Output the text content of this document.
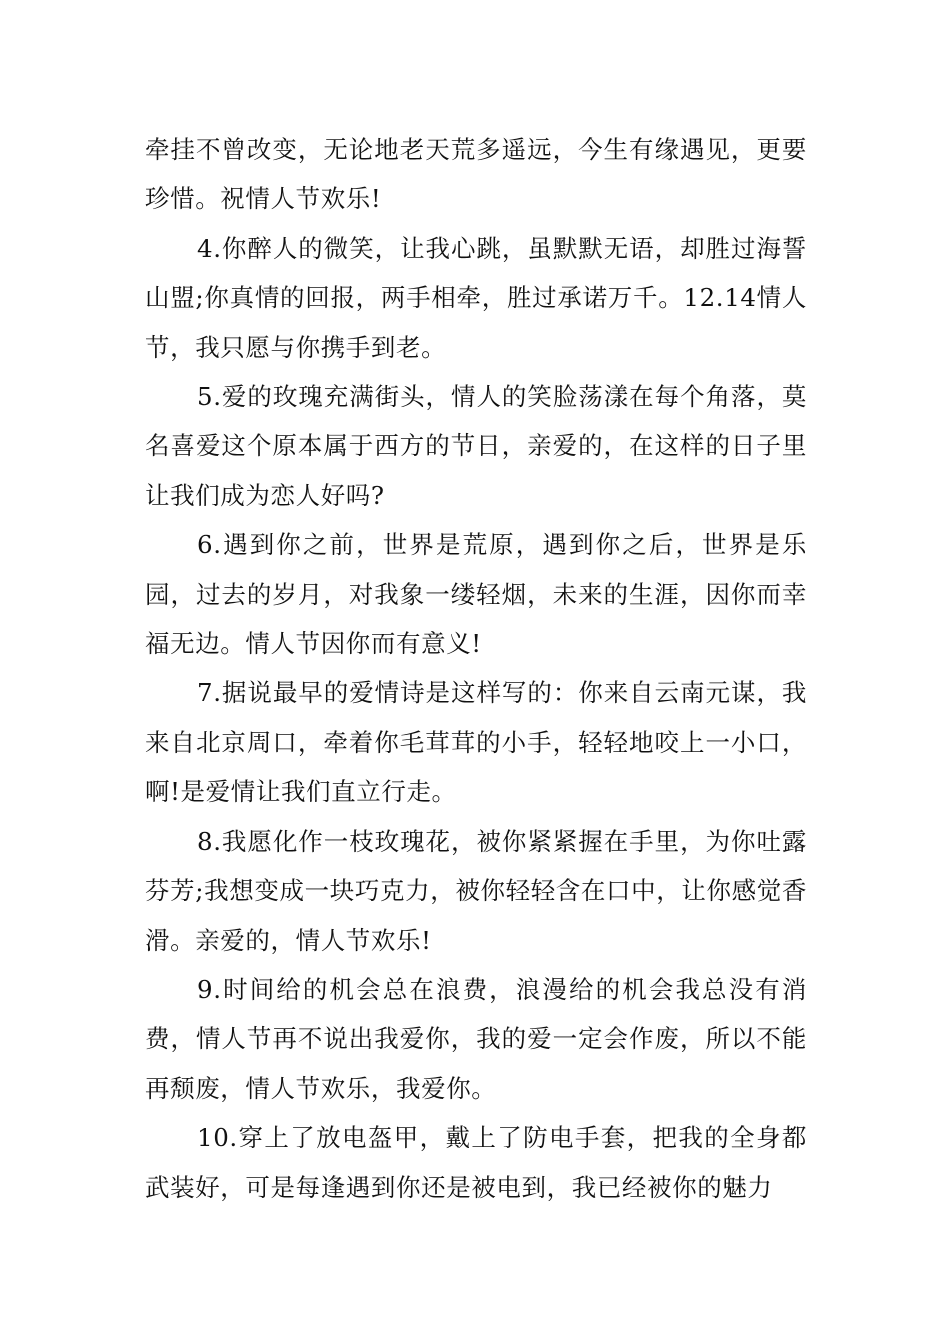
牵挂不曾改变，无论地老天荒多遥远，今生有缘遇见，更要珍惜。祝情人节欢乐!

4.你醉人的微笑，让我心跳，虽默默无语，却胜过海誓山盟;你真情的回报，两手相牵，胜过承诺万千。12.14情人节，我只愿与你携手到老。

5.爱的玫瑰充满街头，情人的笑脸荡漾在每个角落，莫名喜爱这个原本属于西方的节日，亲爱的，在这样的日子里让我们成为恋人好吗?

6.遇到你之前，世界是荒原，遇到你之后，世界是乐园，过去的岁月，对我象一缕轻烟，未来的生涯，因你而幸福无边。情人节因你而有意义!

7.据说最早的爱情诗是这样写的：你来自云南元谋，我来自北京周口，牵着你毛茸茸的小手，轻轻地咬上一小口，啊!是爱情让我们直立行走。

8.我愿化作一枝玫瑰花，被你紧紧握在手里，为你吐露芬芳;我想变成一块巧克力，被你轻轻含在口中，让你感觉香滑。亲爱的，情人节欢乐!

9.时间给的机会总在浪费，浪漫给的机会我总没有消费，情人节再不说出我爱你，我的爱一定会作废，所以不能再颓废，情人节欢乐，我爱你。

10.穿上了放电盔甲，戴上了防电手套，把我的全身都武装好，可是每逢遇到你还是被电到，我已经被你的魅力
